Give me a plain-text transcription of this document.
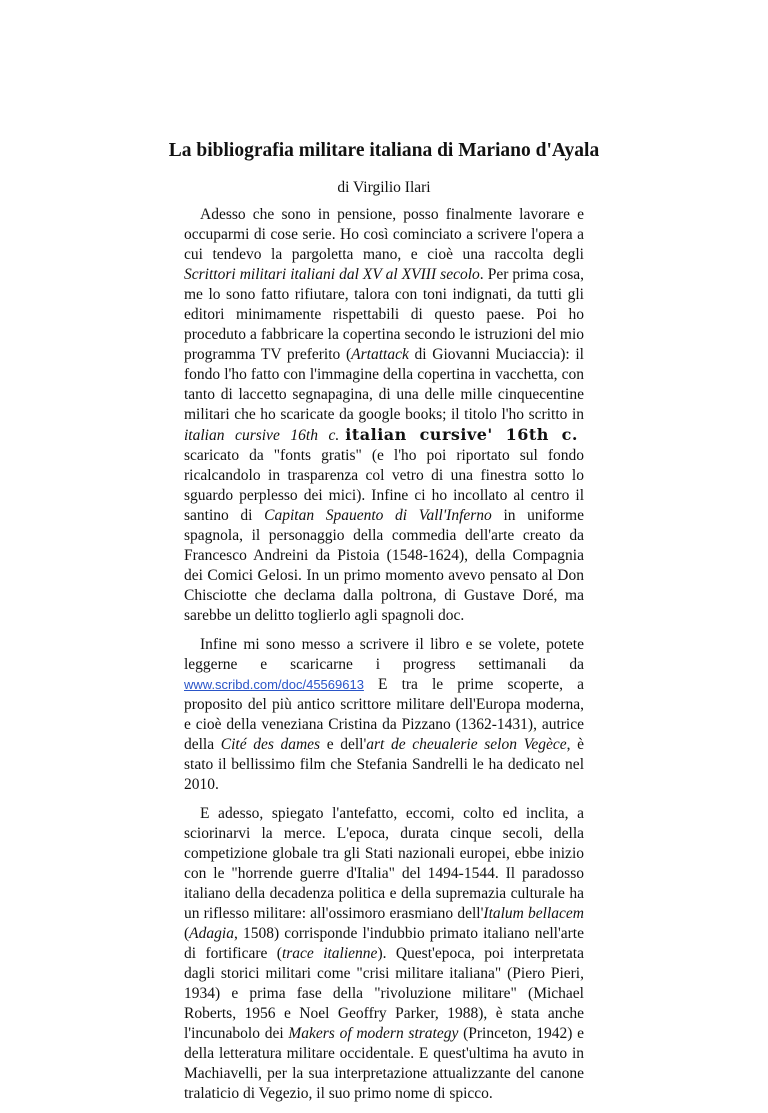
La bibliografia militare italiana di Mariano d'Ayala
di Virgilio Ilari

Adesso che sono in pensione, posso finalmente lavorare e occuparmi di cose serie. Ho così cominciato a scrivere l'opera a cui tendevo la pargoletta mano, e cioè una raccolta degli Scrittori militari italiani dal XV al XVIII secolo. Per prima cosa, me lo sono fatto rifiutare, talora con toni indignati, da tutti gli editori minimamente rispettabili di questo paese. Poi ho proceduto a fabbricare la copertina secondo le istruzioni del mio programma TV preferito (Artattack di Giovanni Muciaccia): il fondo l'ho fatto con l'immagine della copertina in vacchetta, con tanto di laccetto segnapagina, di una delle mille cinquecentine militari che ho scaricate da google books; il titolo l'ho scritto in italian cursive 16th c. italian cursive' 16th c. scaricato da "fonts gratis" (e l'ho poi riportato sul fondo ricalcandolo in trasparenza col vetro di una finestra sotto lo sguardo perplesso dei mici). Infine ci ho incollato al centro il santino di Capitan Spauento di Vall'Inferno in uniforme spagnola, il personaggio della commedia dell'arte creato da Francesco Andreini da Pistoia (1548-1624), della Compagnia dei Comici Gelosi. In un primo momento avevo pensato al Don Chisciotte che declama dalla poltrona, di Gustave Doré, ma sarebbe un delitto toglierlo agli spagnoli doc.

Infine mi sono messo a scrivere il libro e se volete, potete leggerne e scaricarne i progress settimanali da www.scribd.com/doc/45569613 E tra le prime scoperte, a proposito del più antico scrittore militare dell'Europa moderna, e cioè della veneziana Cristina da Pizzano (1362-1431), autrice della Cité des dames e dell'art de cheualerie selon Vegèce, è stato il bellissimo film che Stefania Sandrelli le ha dedicato nel 2010.

E adesso, spiegato l'antefatto, eccomi, colto ed inclita, a sciorinarvi la merce. L'epoca, durata cinque secoli, della competizione globale tra gli Stati nazionali europei, ebbe inizio con le "horrende guerre d'Italia" del 1494-1544. Il paradosso italiano della decadenza politica e della supremazia culturale ha un riflesso militare: all'ossimoro erasmiano dell'Italum bellacem (Adagia, 1508) corrisponde l'indubbio primato italiano nell'arte di fortificare (trace italienne). Quest'epoca, poi interpretata dagli storici militari come "crisi militare italiana" (Piero Pieri, 1934) e prima fase della "rivoluzione militare" (Michael Roberts, 1956 e Noel Geoffry Parker, 1988), è stata anche l'incunabolo dei Makers of modern strategy (Princeton, 1942) e della letteratura militare occidentale. E quest'ultima ha avuto in Machiavelli, per la sua interpretazione attualizzante del canone tralaticio di Vegezio, il suo primo nome di spicco.
